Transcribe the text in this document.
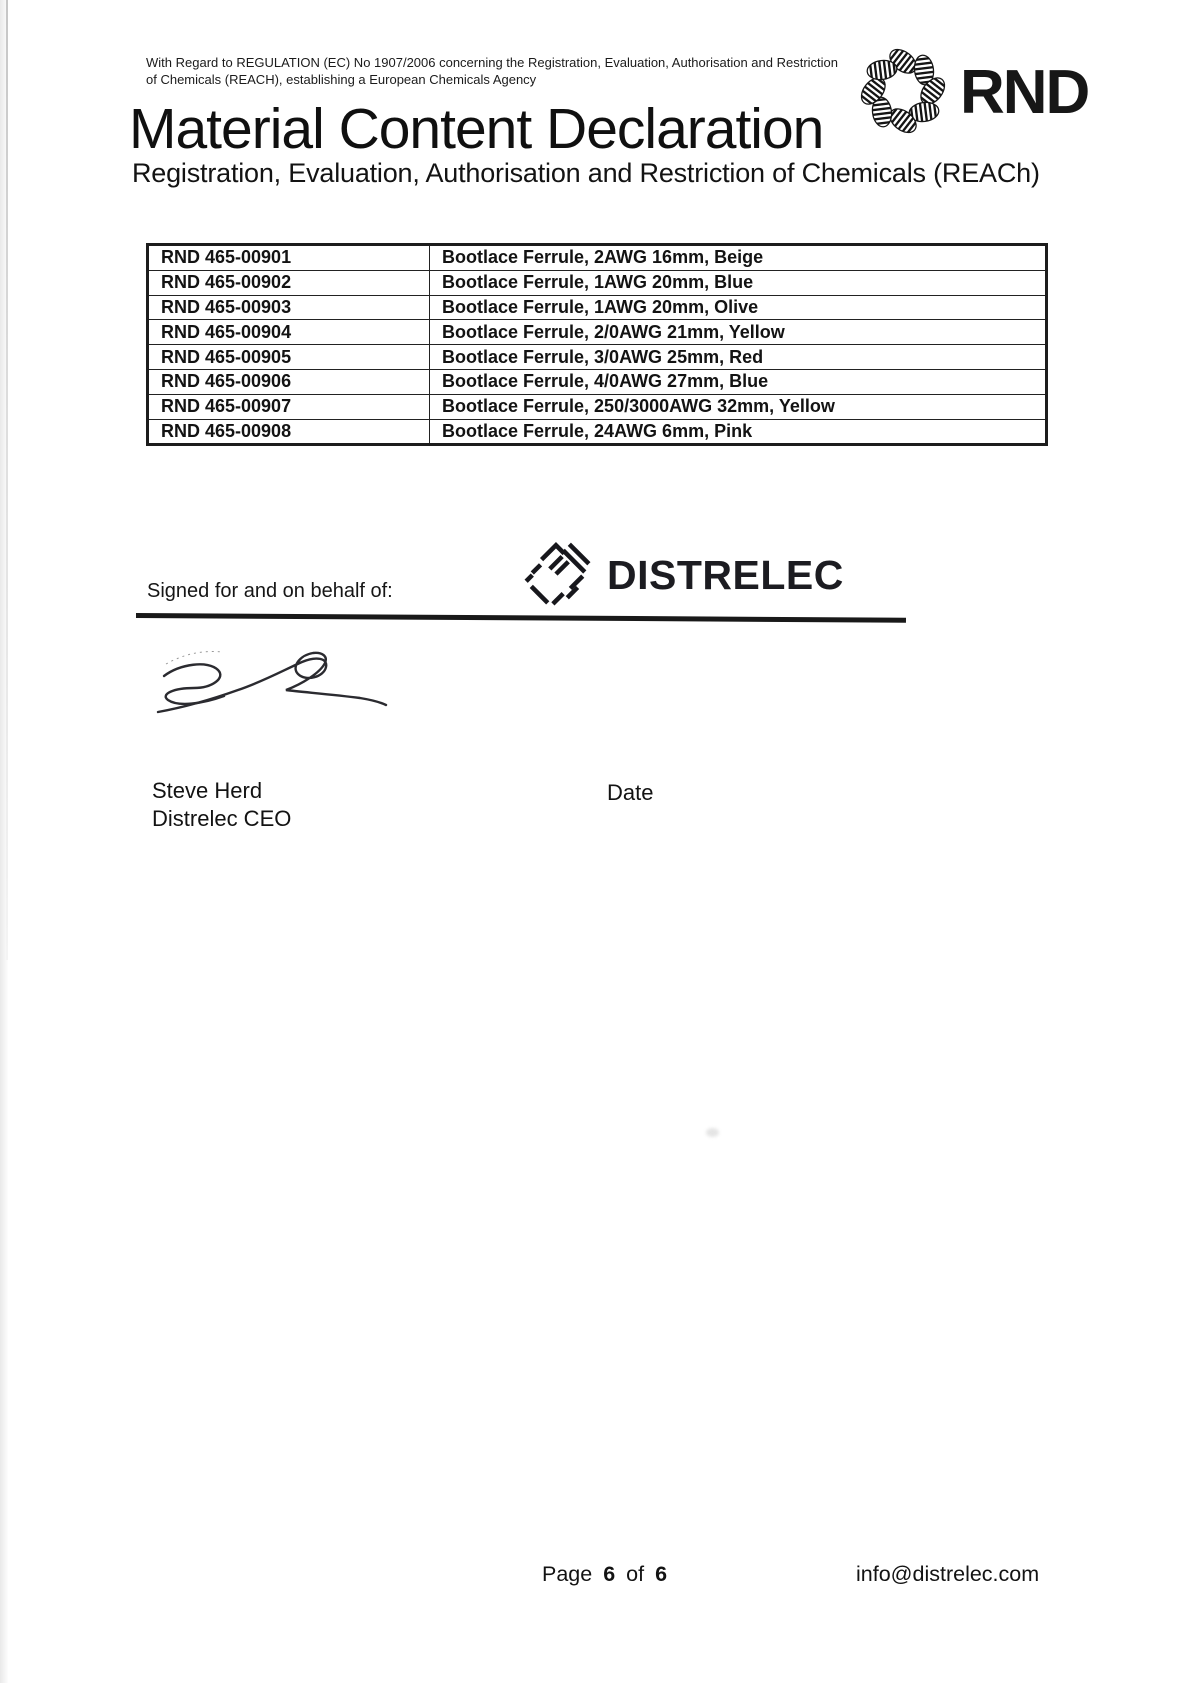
With Regard to REGULATION (EC) No 1907/2006 concerning the Registration, Evaluation, Authorisation and Restriction
of Chemicals (REACH), establishing a European Chemicals Agency
Material Content Declaration
Registration, Evaluation, Authorisation and Restriction of Chemicals (REACh)
RND
RND 465-00901	Bootlace Ferrule, 2AWG 16mm, Beige
RND 465-00902	Bootlace Ferrule, 1AWG 20mm, Blue
RND 465-00903	Bootlace Ferrule, 1AWG 20mm, Olive
RND 465-00904	Bootlace Ferrule, 2/0AWG 21mm, Yellow
RND 465-00905	Bootlace Ferrule, 3/0AWG 25mm, Red
RND 465-00906	Bootlace Ferrule, 4/0AWG 27mm, Blue
RND 465-00907	Bootlace Ferrule, 250/3000AWG 32mm, Yellow
RND 465-00908	Bootlace Ferrule, 24AWG 6mm, Pink
Signed for and on behalf of:	DISTRELEC
Steve Herd
Distrelec CEO
Date
Page 6 of 6	info@distrelec.com
